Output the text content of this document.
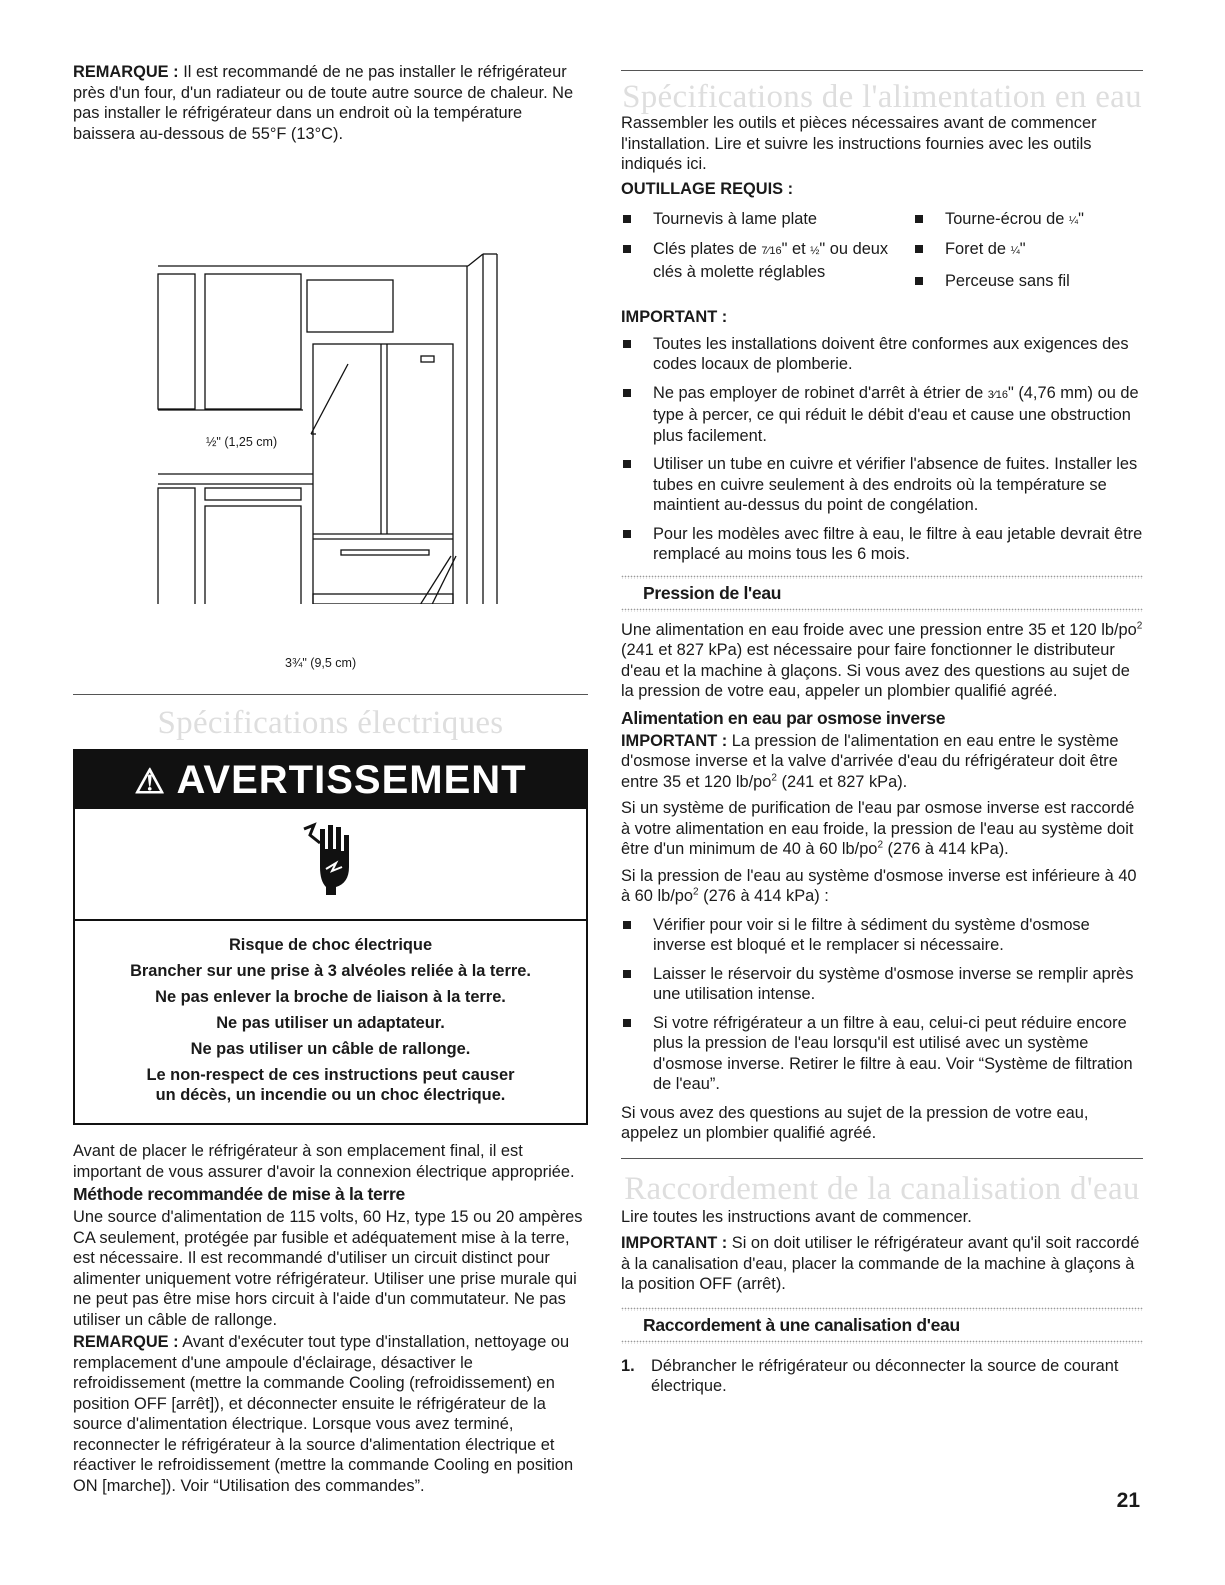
REMARQUE : Il est recommandé de ne pas installer le réfrigérateur près d'un four, d'un radiateur ou de toute autre source de chaleur. Ne pas installer le réfrigérateur dans un endroit où la température baissera au-dessous de 55°F (13°C).

½" (1,25 cm)
3¾" (9,5 cm)
Spécifications électriques
⚠ AVERTISSEMENT
Risque de choc électrique
Brancher sur une prise à 3 alvéoles reliée à la terre.
Ne pas enlever la broche de liaison à la terre.
Ne pas utiliser un adaptateur.
Ne pas utiliser un câble de rallonge.
Le non-respect de ces instructions peut causer un décès, un incendie ou un choc électrique.

Avant de placer le réfrigérateur à son emplacement final, il est important de vous assurer d'avoir la connexion électrique appropriée.

Méthode recommandée de mise à la terre

Une source d'alimentation de 115 volts, 60 Hz, type 15 ou 20 ampères CA seulement, protégée par fusible et adéquatement mise à la terre, est nécessaire. Il est recommandé d'utiliser un circuit distinct pour alimenter uniquement votre réfrigérateur. Utiliser une prise murale qui ne peut pas être mise hors circuit à l'aide d'un commutateur. Ne pas utiliser un câble de rallonge.

REMARQUE : Avant d'exécuter tout type d'installation, nettoyage ou remplacement d'une ampoule d'éclairage, désactiver le refroidissement (mettre la commande Cooling (refroidissement) en position OFF [arrêt]), et déconnecter ensuite le réfrigérateur de la source d'alimentation électrique. Lorsque vous avez terminé, reconnecter le réfrigérateur à la source d'alimentation électrique et réactiver le refroidissement (mettre la commande Cooling en position ON [marche]). Voir “Utilisation des commandes”.

Spécifications de l'alimentation en eau

Rassembler les outils et pièces nécessaires avant de commencer l'installation. Lire et suivre les instructions fournies avec les outils indiqués ici.

OUTILLAGE REQUIS :

Tournevis à lame plate
Clés plates de 7⁄16" et ½" ou deux clés à molette réglables
Tourne-écrou de ¼"
Foret de ¼"
Perceuse sans fil

IMPORTANT :

Toutes les installations doivent être conformes aux exigences des codes locaux de plomberie.
Ne pas employer de robinet d'arrêt à étrier de 3⁄16" (4,76 mm) ou de type à percer, ce qui réduit le débit d'eau et cause une obstruction plus facilement.
Utiliser un tube en cuivre et vérifier l'absence de fuites. Installer les tubes en cuivre seulement à des endroits où la température se maintient au-dessus du point de congélation.
Pour les modèles avec filtre à eau, le filtre à eau jetable devrait être remplacé au moins tous les 6 mois.
Pression de l'eau

Une alimentation en eau froide avec une pression entre 35 et 120 $lb/po^2$ (241 et 827 kPa) est nécessaire pour faire fonctionner le distributeur d'eau et la machine à glaçons. Si vous avez des questions au sujet de la pression de votre eau, appeler un plombier qualifié agréé.

Alimentation en eau par osmose inverse

IMPORTANT : La pression de l'alimentation en eau entre le système d'osmose inverse et la valve d'arrivée d'eau du réfrigérateur doit être entre 35 et 120 $lb/po^2$ (241 et 827 kPa).

Si un système de purification de l'eau par osmose inverse est raccordé à votre alimentation en eau froide, la pression de l'eau au système doit être d'un minimum de 40 à 60 $lb/po^2$ (276 à 414 kPa).

Si la pression de l'eau au système d'osmose inverse est inférieure à 40 à 60 $lb/po^2$ (276 à 414 kPa) :

Vérifier pour voir si le filtre à sédiment du système d'osmose inverse est bloqué et le remplacer si nécessaire.
Laisser le réservoir du système d'osmose inverse se remplir après une utilisation intense.
Si votre réfrigérateur a un filtre à eau, celui-ci peut réduire encore plus la pression de l'eau lorsqu'il est utilisé avec un système d'osmose inverse. Retirer le filtre à eau. Voir “Système de filtration de l'eau”.

Si vous avez des questions au sujet de la pression de votre eau, appelez un plombier qualifié agréé.

Raccordement de la canalisation d'eau

Lire toutes les instructions avant de commencer.

IMPORTANT : Si on doit utiliser le réfrigérateur avant qu'il soit raccordé à la canalisation d'eau, placer la commande de la machine à glaçons à la position OFF (arrêt).

Raccordement à une canalisation d'eau
1. Débrancher le réfrigérateur ou déconnecter la source de courant électrique.
21
